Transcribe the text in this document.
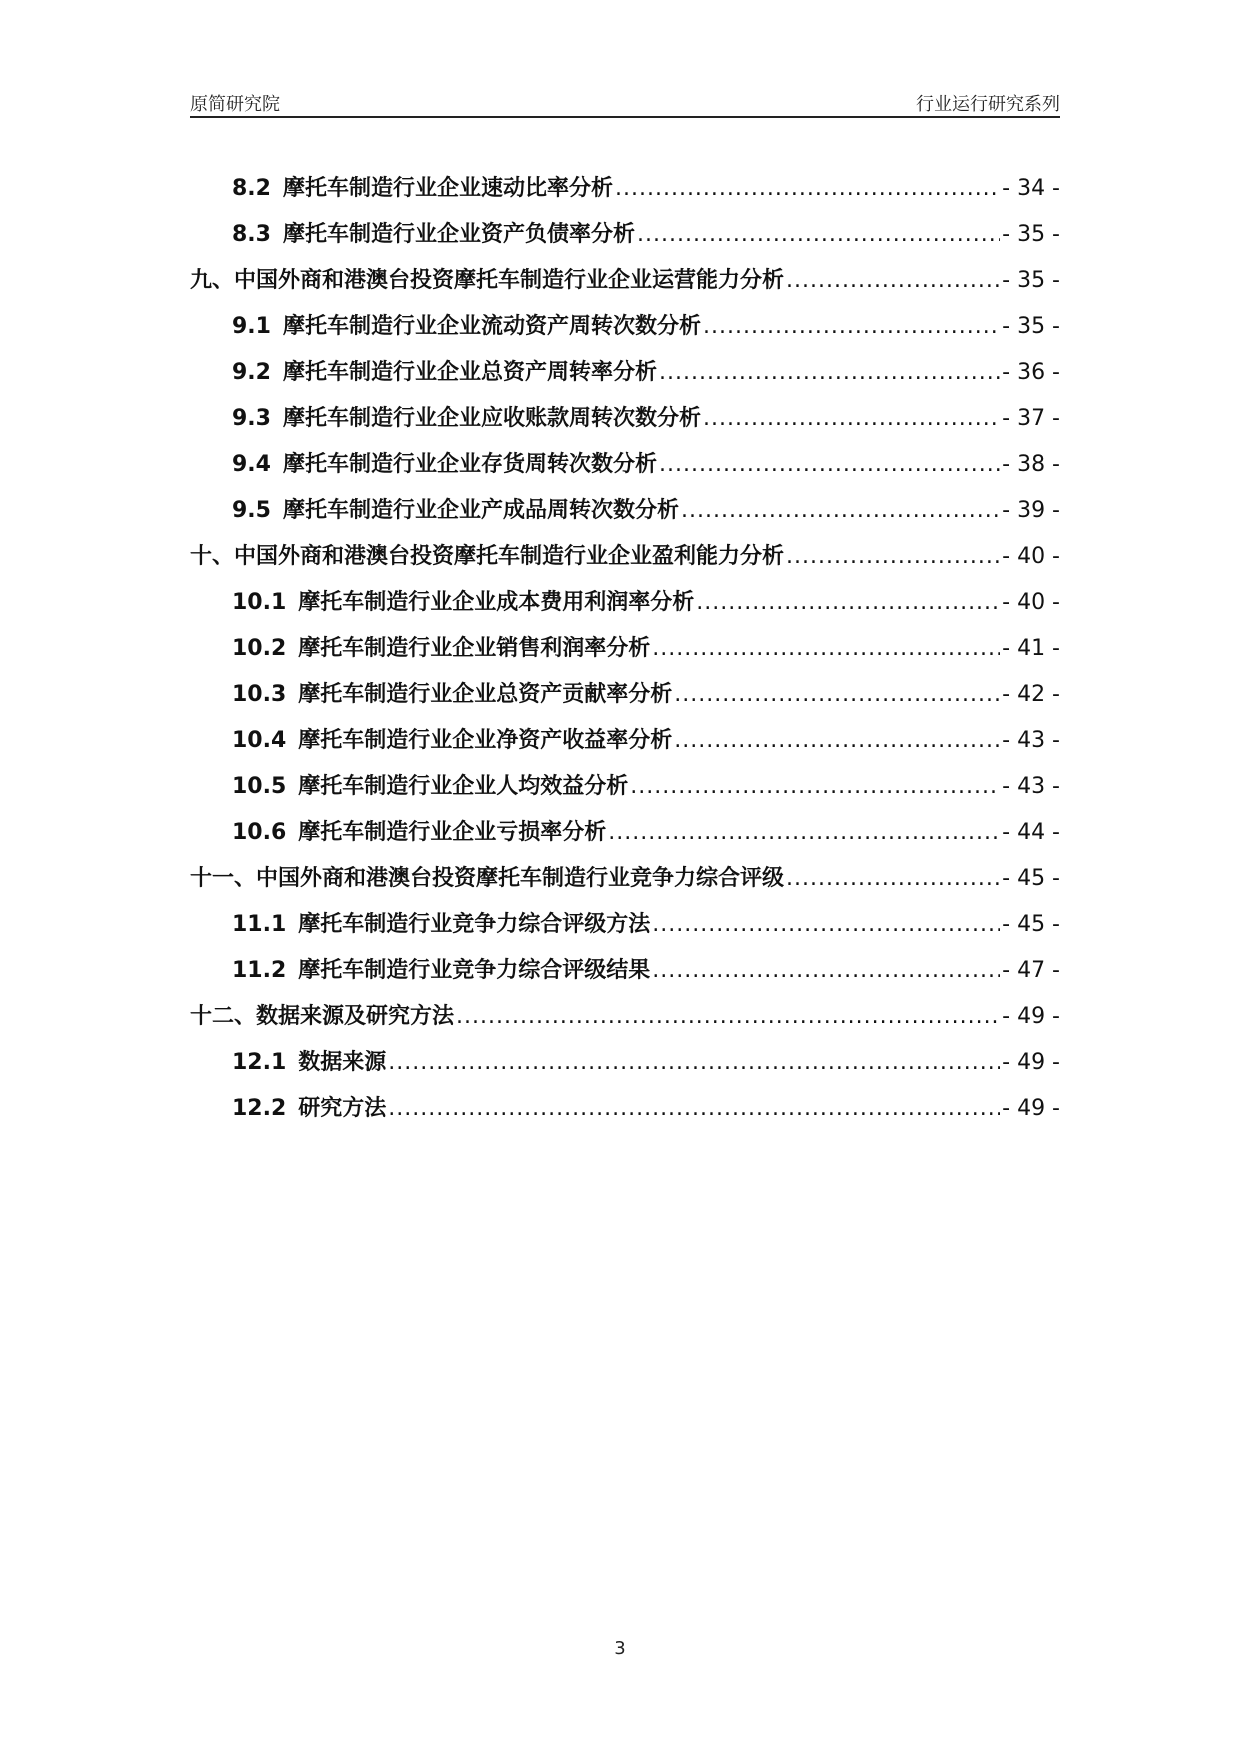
原简研究院	行业运行研究系列
8.2 摩托车制造行业企业速动比率分析 .....	- 34 -
8.3 摩托车制造行业企业资产负债率分析 .....	- 35 -
九、中国外商和港澳台投资摩托车制造行业企业运营能力分析 .....	- 35 -
9.1 摩托车制造行业企业流动资产周转次数分析 .....	- 35 -
9.2 摩托车制造行业企业总资产周转率分析 .....	- 36 -
9.3 摩托车制造行业企业应收账款周转次数分析 .....	- 37 -
9.4 摩托车制造行业企业存货周转次数分析 .....	- 38 -
9.5 摩托车制造行业企业产成品周转次数分析 .....	- 39 -
十、中国外商和港澳台投资摩托车制造行业企业盈利能力分析 .....	- 40 -
10.1 摩托车制造行业企业成本费用利润率分析 .....	- 40 -
10.2 摩托车制造行业企业销售利润率分析 .....	- 41 -
10.3 摩托车制造行业企业总资产贡献率分析 .....	- 42 -
10.4 摩托车制造行业企业净资产收益率分析 .....	- 43 -
10.5 摩托车制造行业企业人均效益分析 .....	- 43 -
10.6 摩托车制造行业企业亏损率分析 .....	- 44 -
十一、中国外商和港澳台投资摩托车制造行业竞争力综合评级 .....	- 45 -
11.1 摩托车制造行业竞争力综合评级方法 .....	- 45 -
11.2 摩托车制造行业竞争力综合评级结果 .....	- 47 -
十二、数据来源及研究方法 .....	- 49 -
12.1 数据来源 .....	- 49 -
12.2 研究方法 .....	- 49 -
3
